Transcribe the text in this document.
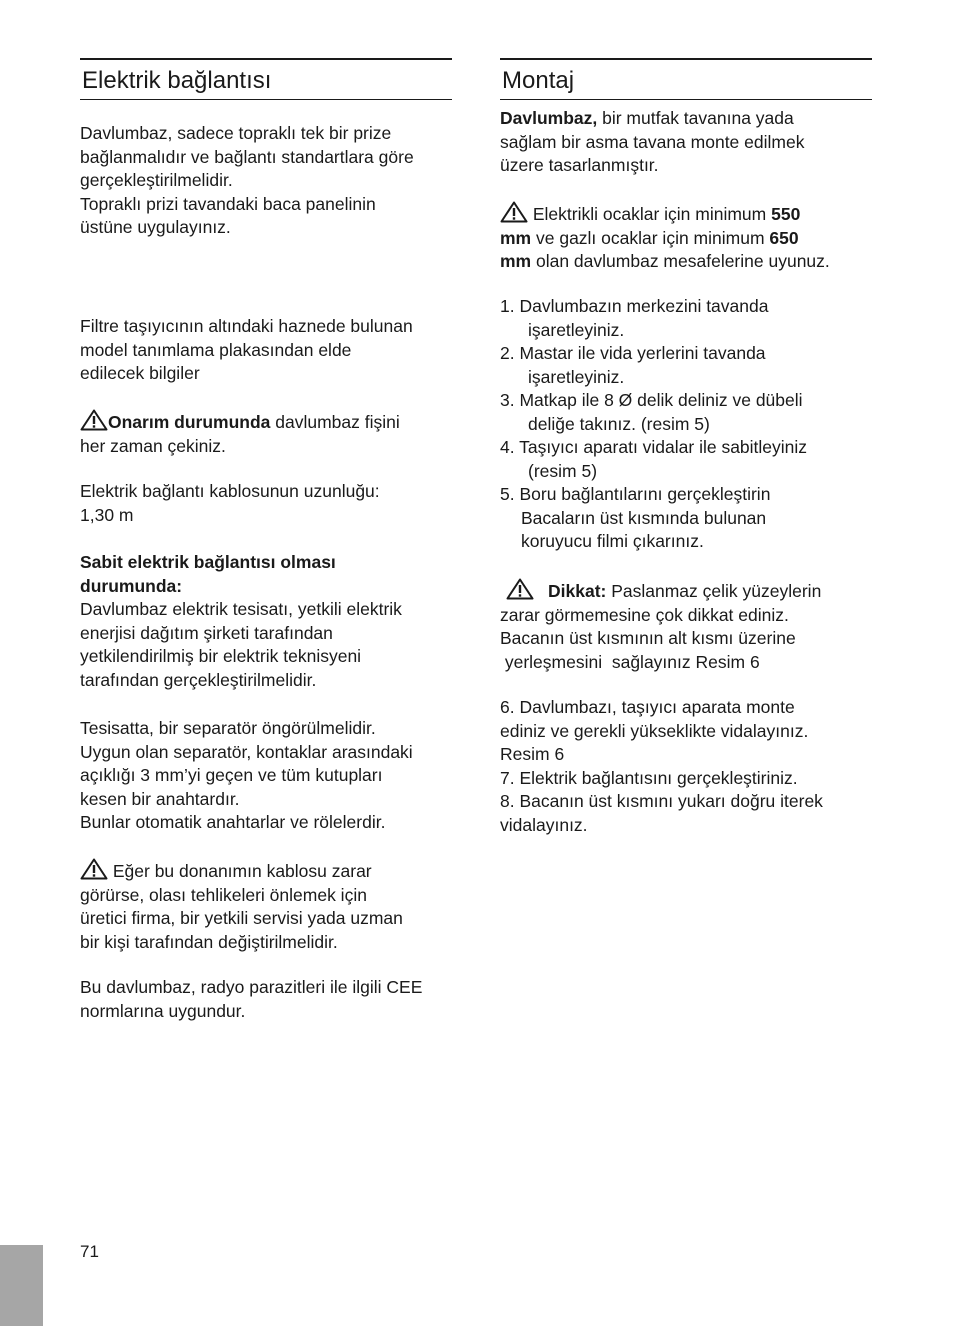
Elektrik bağlantısı

Davlumbaz, sadece topraklı tek bir prize

bağlanmalıdır ve bağlantı standartlara göre

gerçekleştirilmelidir.

Topraklı prizi tavandaki baca panelinin

üstüne uygulayınız.

Filtre taşıyıcının altındaki haznede bulunan

model tanımlama plakasından elde

edilecek bilgiler

Onarım durumunda davlumbaz fişini

her zaman çekiniz.

Elektrik bağlantı kablosunun uzunluğu:

1,30 m

Sabit elektrik bağlantısı olması

durumunda:

Davlumbaz elektrik tesisatı, yetkili elektrik

enerjisi dağıtım şirketi tarafından

yetkilendirilmiş bir elektrik teknisyeni

tarafından gerçekleştirilmelidir.

Tesisatta, bir separatör öngörülmelidir.

Uygun olan separatör, kontaklar arasındaki

açıklığı 3 mm’yi geçen ve tüm kutupları

kesen bir anahtardır.

Bunlar otomatik anahtarlar ve rölelerdir.

Eğer bu donanımın kablosu zarar

görürse, olası tehlikeleri önlemek için

üretici firma, bir yetkili servisi yada uzman

bir kişi tarafından değiştirilmelidir.

Bu davlumbaz, radyo parazitleri ile ilgili CEE

normlarına uygundur.

Montaj

Davlumbaz, bir mutfak tavanına yada

sağlam bir asma tavana monte edilmek

üzere tasarlanmıştır.

Elektrikli ocaklar için minimum 550

mm ve gazlı ocaklar için minimum 650

mm olan davlumbaz mesafelerine uyunuz.

1. Davlumbazın merkezini tavanda

işaretleyiniz.

2. Mastar ile vida yerlerini tavanda

işaretleyiniz.

3. Matkap ile 8 Ø delik deliniz ve dübeli

deliğe takınız. (resim 5)

4. Taşıyıcı aparatı vidalar ile sabitleyiniz

(resim 5)

5. Boru bağlantılarını gerçekleştirin

Bacaların üst kısmında bulunan

koruyucu filmi çıkarınız.

Dikkat: Paslanmaz çelik yüzeylerin

zarar görmemesine çok dikkat ediniz.

Bacanın üst kısmının alt kısmı üzerine

yerleşmesini  sağlayınız Resim 6

6. Davlumbazı, taşıyıcı aparata monte

ediniz ve gerekli yükseklikte vidalayınız.

Resim 6

7. Elektrik bağlantısını gerçekleştiriniz.

8. Bacanın üst kısmını yukarı doğru iterek

vidalayınız.

71
